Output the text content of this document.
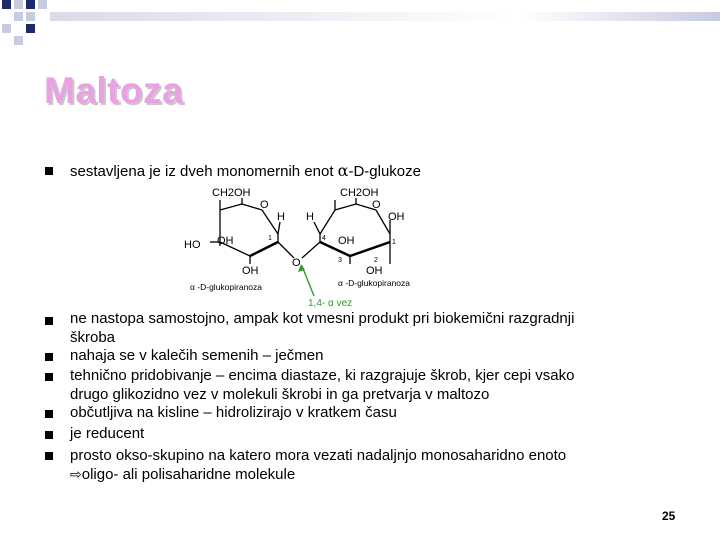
Maltoza
sestavljena je iz dveh monomernih enot α-D-glukoze
CH2OH	CH2OH
O	O
H H	OH
HO OH	OH
OH	OH
O
1	4
1
3	2
α -D-glukopiranoza	α -D-glukopiranoza
1,4- α vez
ne nastopa samostojno, ampak kot vmesni produkt pri biokemični razgradnji
škroba
nahaja se v kalečih semenih – ječmen
tehnično pridobivanje – encima diastaze, ki razgrajuje škrob, kjer cepi vsako
drugo glikozidno vez v molekuli škrobi in ga pretvarja v maltozo
občutljiva na kisline – hidrolizirajo v kratkem času
je reducent
prosto okso-skupino na katero mora vezati nadaljnjo monosaharidno enoto
⇨oligo- ali polisaharidne molekule
25
